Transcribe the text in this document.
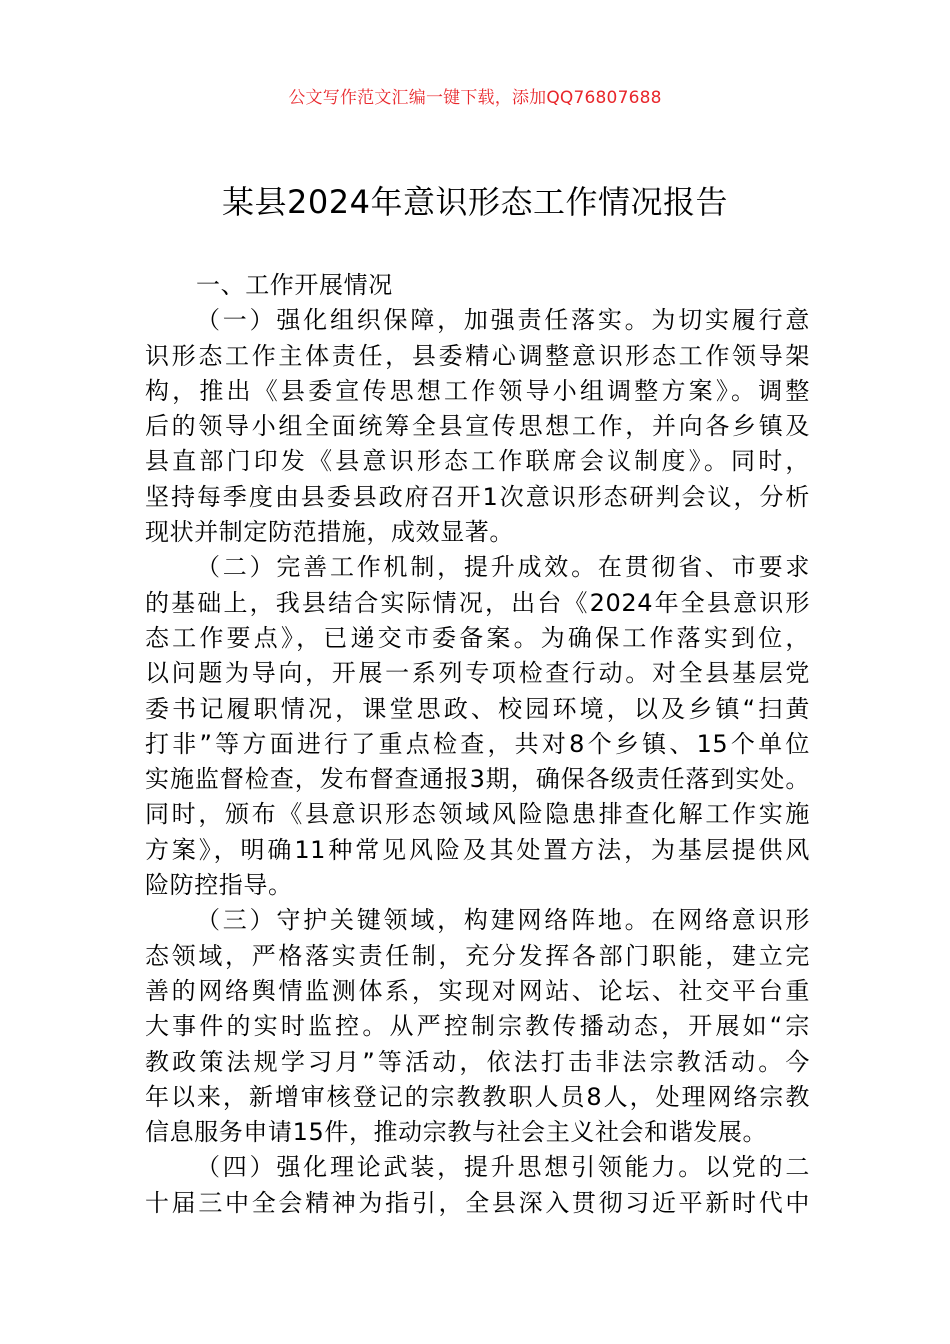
公文写作范文汇编一键下载，添加QQ76807688
某县2024年意识形态工作情况报告
一、工作开展情况
（一）强化组织保障，加强责任落实。为切实履行意
识形态工作主体责任，县委精心调整意识形态工作领导架
构，推出《县委宣传思想工作领导小组调整方案》。调整
后的领导小组全面统筹全县宣传思想工作，并向各乡镇及
县直部门印发《县意识形态工作联席会议制度》。同时，
坚持每季度由县委县政府召开1次意识形态研判会议，分析
现状并制定防范措施，成效显著。
（二）完善工作机制，提升成效。在贯彻省、市要求
的基础上，我县结合实际情况，出台《2024年全县意识形
态工作要点》，已递交市委备案。为确保工作落实到位，
以问题为导向，开展一系列专项检查行动。对全县基层党
委书记履职情况，课堂思政、校园环境，以及乡镇“扫黄
打非”等方面进行了重点检查，共对8个乡镇、15个单位
实施监督检查，发布督查通报3期，确保各级责任落到实处。
同时，颁布《县意识形态领域风险隐患排查化解工作实施
方案》，明确11种常见风险及其处置方法，为基层提供风
险防控指导。
（三）守护关键领域，构建网络阵地。在网络意识形
态领域，严格落实责任制，充分发挥各部门职能，建立完
善的网络舆情监测体系，实现对网站、论坛、社交平台重
大事件的实时监控。从严控制宗教传播动态，开展如“宗
教政策法规学习月”等活动，依法打击非法宗教活动。今
年以来，新增审核登记的宗教教职人员8人，处理网络宗教
信息服务申请15件，推动宗教与社会主义社会和谐发展。
（四）强化理论武装，提升思想引领能力。以党的二
十届三中全会精神为指引，全县深入贯彻习近平新时代中
